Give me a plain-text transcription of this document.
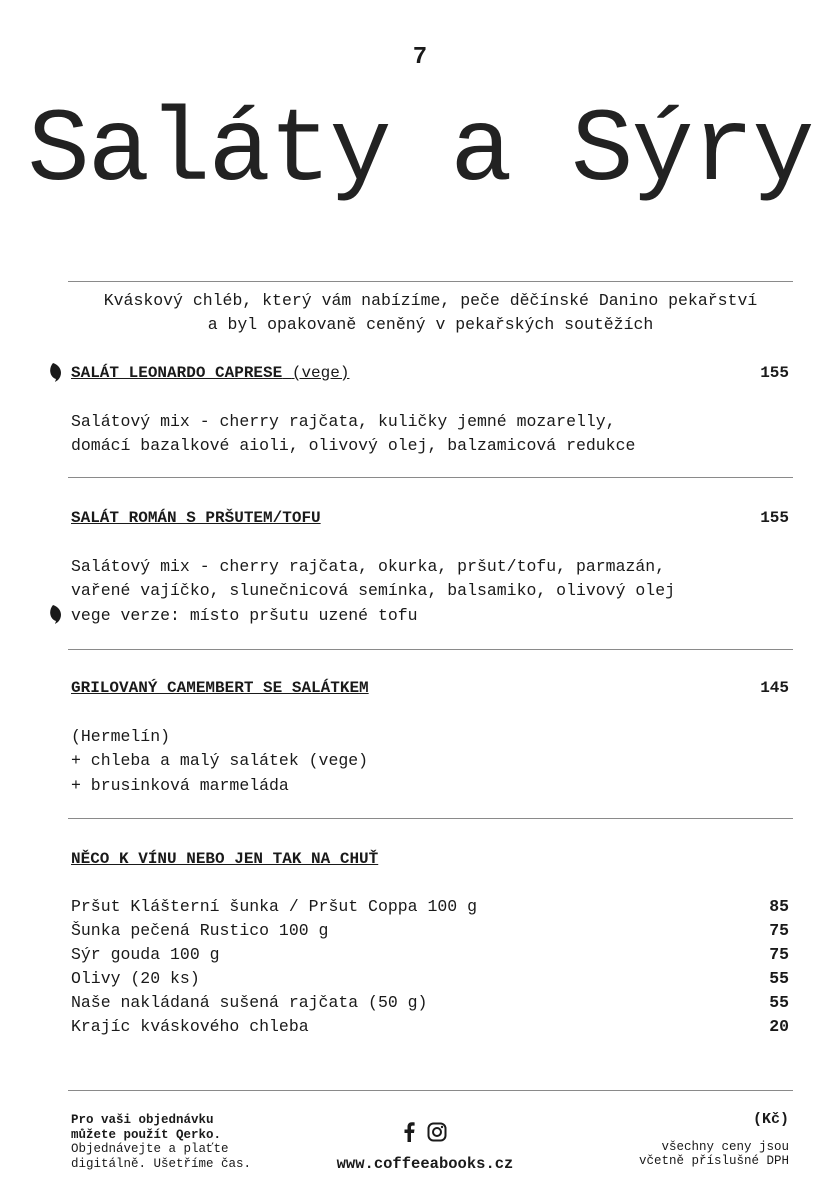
7
Saláty a Sýry
Kváskový chléb, který vám nabízíme, peče děčínské Danino pekařství
a byl opakovaně ceněný v pekařských soutěžích
SALÁT LEONARDO CAPRESE (vege)	155
Salátový mix - cherry rajčata, kuličky jemné mozarelly,
domácí bazalkové aioli, olivový olej, balzamicová redukce
SALÁT ROMÁN S PRŠUTEM/TOFU	155
Salátový mix - cherry rajčata, okurka, pršut/tofu, parmazán,
vařené vajíčko, slunečnicová semínka, balsamiko, olivový olej
vege verze: místo pršutu uzené tofu
GRILOVANÝ CAMEMBERT SE SALÁTKEM	145
(Hermelín)
+ chleba a malý salátek (vege)
+ brusinková marmeláda
NĚCO K VÍNU NEBO JEN TAK NA CHUŤ
Pršut Klášterní šunka / Pršut Coppa 100 g	85
Šunka pečená Rustico 100 g	75
Sýr gouda 100 g	75
Olivy (20 ks)	55
Naše nakládaná sušená rajčata (50 g)	55
Krajíc kváskového chleba	20
Pro vaši objednávku
můžete použít Qerko.
Objednávejte a plaťte
digitálně. Ušetříme čas.	www.coffeeabooks.cz
(Kč)
všechny ceny jsou
včetně příslušné DPH
